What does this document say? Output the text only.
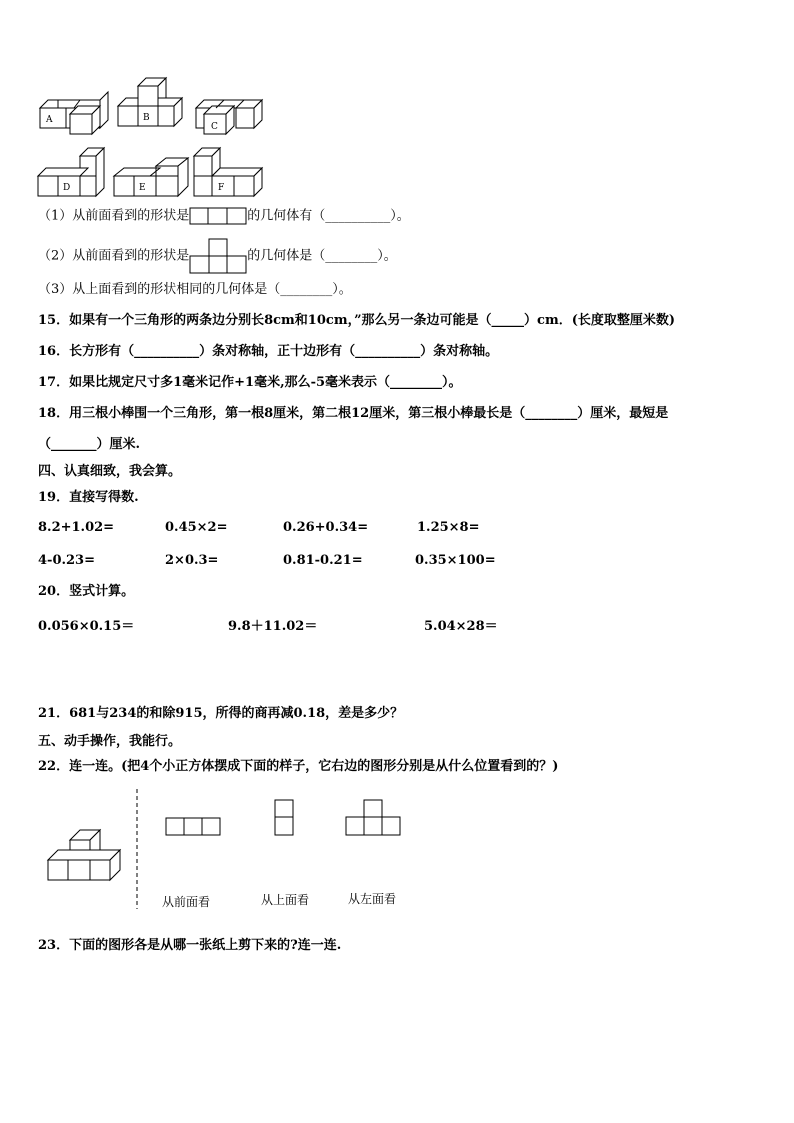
A	B
C
D	E	F
（1）从前面看到的形状是	的几何体有（__________）。
（2）从前面看到的形状是	的几何体是（________）。
（3）从上面看到的形状相同的几何体是（________）。
15．如果有一个三角形的两条边分别长8cm和10cm，”那么另一条边可能是（_____）cm．(长度取整厘米数)
16．长方形有（__________）条对称轴，正十边形有（__________）条对称轴。
17．如果比规定尺寸多1毫米记作+1毫米,那么-5毫米表示（________）。
18．用三根小棒围一个三角形，第一根8厘米，第二根12厘米，第三根小棒最长是（________）厘米，最短是
（_______）厘米.
四、认真细致，我会算。
19．直接写得数.
8.2+1.02=	0.45×2=	0.26+0.34=	1.25×8=
4-0.23=	2×0.3=	0.81-0.21=	0.35×100=
20．竖式计算。
0.056×0.15＝	9.8＋11.02＝	5.04×28＝
21．681与234的和除915，所得的商再减0.18，差是多少？
五、动手操作，我能行。
22．连一连。(把4个小正方体摆成下面的样子，它右边的图形分别是从什么位置看到的？)
从前面看	从上面看	从左面看
23．下面的图形各是从哪一张纸上剪下来的?连一连.
